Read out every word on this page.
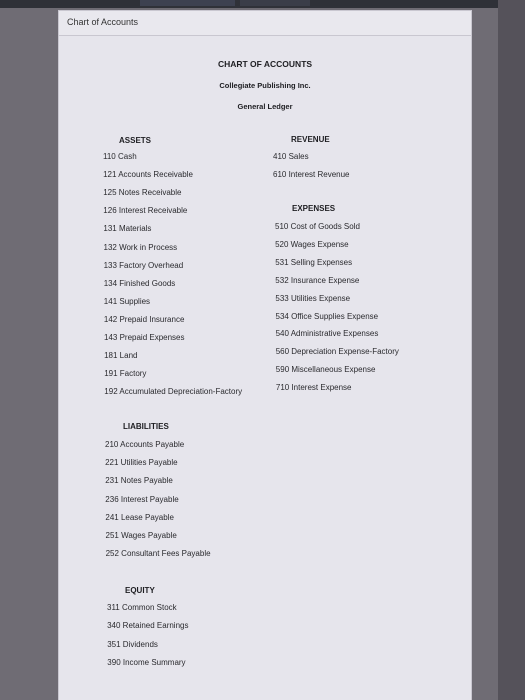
Chart of Accounts
CHART OF ACCOUNTS
Collegiate Publishing Inc.
General Ledger
ASSETS
110 Cash
121 Accounts Receivable
125 Notes Receivable
126 Interest Receivable
131 Materials
132 Work in Process
133 Factory Overhead
134 Finished Goods
141 Supplies
142 Prepaid Insurance
143 Prepaid Expenses
181 Land
191 Factory
192 Accumulated Depreciation-Factory
LIABILITIES
210 Accounts Payable
221 Utilities Payable
231 Notes Payable
236 Interest Payable
241 Lease Payable
251 Wages Payable
252 Consultant Fees Payable
EQUITY
311 Common Stock
340 Retained Earnings
351 Dividends
390 Income Summary
REVENUE
410 Sales
610 Interest Revenue
EXPENSES
510 Cost of Goods Sold
520 Wages Expense
531 Selling Expenses
532 Insurance Expense
533 Utilities Expense
534 Office Supplies Expense
540 Administrative Expenses
560 Depreciation Expense-Factory
590 Miscellaneous Expense
710 Interest Expense
